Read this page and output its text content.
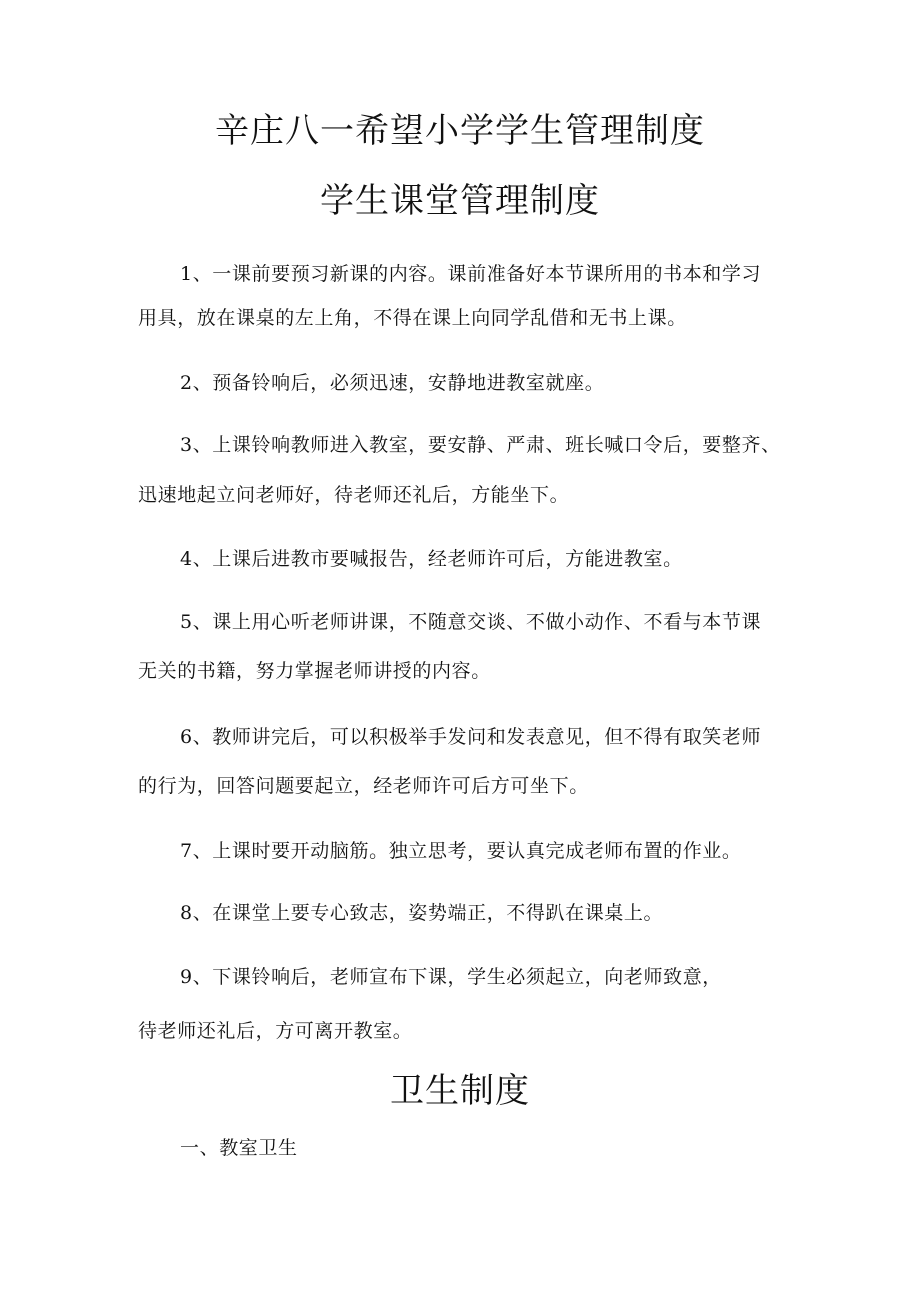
辛庄八一希望小学学生管理制度
学生课堂管理制度
1、一课前要预习新课的内容。课前准备好本节课所用的书本和学习
用具，放在课桌的左上角，不得在课上向同学乱借和无书上课。
2、预备铃响后，必须迅速，安静地进教室就座。
3、上课铃响教师进入教室，要安静、严肃、班长喊口令后，要整齐、
迅速地起立问老师好，待老师还礼后，方能坐下。
4、上课后进教市要喊报告，经老师许可后，方能进教室。
5、课上用心听老师讲课，不随意交谈、不做小动作、不看与本节课
无关的书籍，努力掌握老师讲授的内容。
6、教师讲完后，可以积极举手发问和发表意见，但不得有取笑老师
的行为，回答问题要起立，经老师许可后方可坐下。
7、上课时要开动脑筋。独立思考，要认真完成老师布置的作业。
8、在课堂上要专心致志，姿势端正，不得趴在课桌上。
9、下课铃响后，老师宣布下课，学生必须起立，向老师致意，
待老师还礼后，方可离开教室。
卫生制度
一、教室卫生
